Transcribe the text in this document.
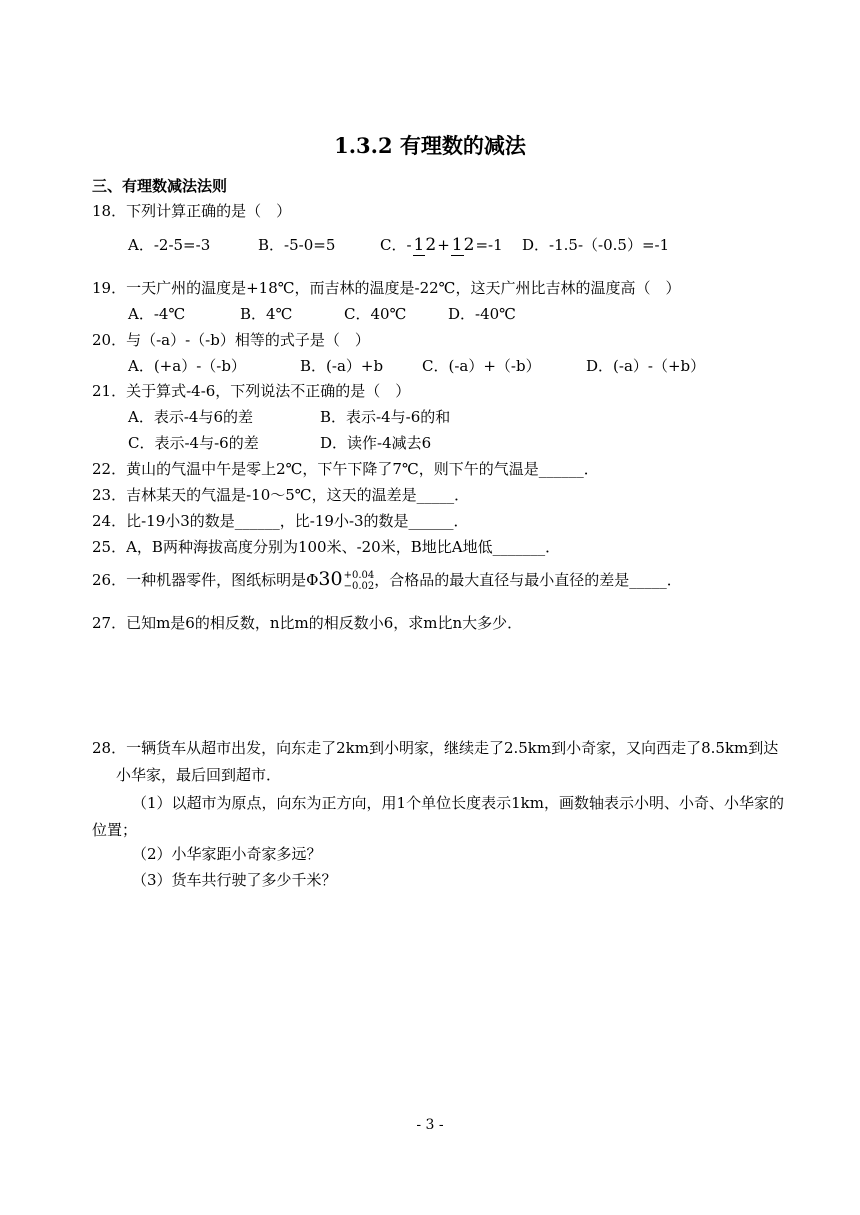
1.3.2 有理数的减法
三、有理数减法法则
18．下列计算正确的是（　）
A．-2-5=-3	B．-5-0=5	C．- 12+ 12=-1 D．-1.5-（-0.5）=-1
19．一天广州的温度是+18℃，而吉林的温度是-22℃，这天广州比吉林的温度高（　）
A．-4℃	B．4℃	C．40℃	D．-40℃
20．与（-a）-（-b）相等的式子是（　）
A．(+a）-（-b）	B．(-a）+b	C．(-a）+（-b）	D．(-a）-（+b）
21．关于算式-4-6，下列说法不正确的是（　）
A．表示-4与6的差	B．表示-4与-6的和
C．表示-4与-6的差	D．读作-4减去6
22．黄山的气温中午是零上2℃，下午下降了7℃，则下午的气温是______．
23．吉林某天的气温是-10～5℃，这天的温差是_____．
24．比-19小3的数是______，比-19小-3的数是______．
25．A，B两种海拔高度分别为100米、-20米，B地比A地低_______．
26．一种机器零件，图纸标明是Φ30 +0.04
−0.02 ，合格品的最大直径与最小直径的差是_____．
27．已知m是6的相反数，n比m的相反数小6，求m比n大多少．
28．一辆货车从超市出发，向东走了2km到小明家，继续走了2.5km到小奇家，又向西走了8.5km到达小华家，最后回到超市．
（1）以超市为原点，向东为正方向，用1个单位长度表示1km，画数轴表示小明、小奇、小华家的位置；
（2）小华家距小奇家多远？
（3）货车共行驶了多少千米？
- 3 -
